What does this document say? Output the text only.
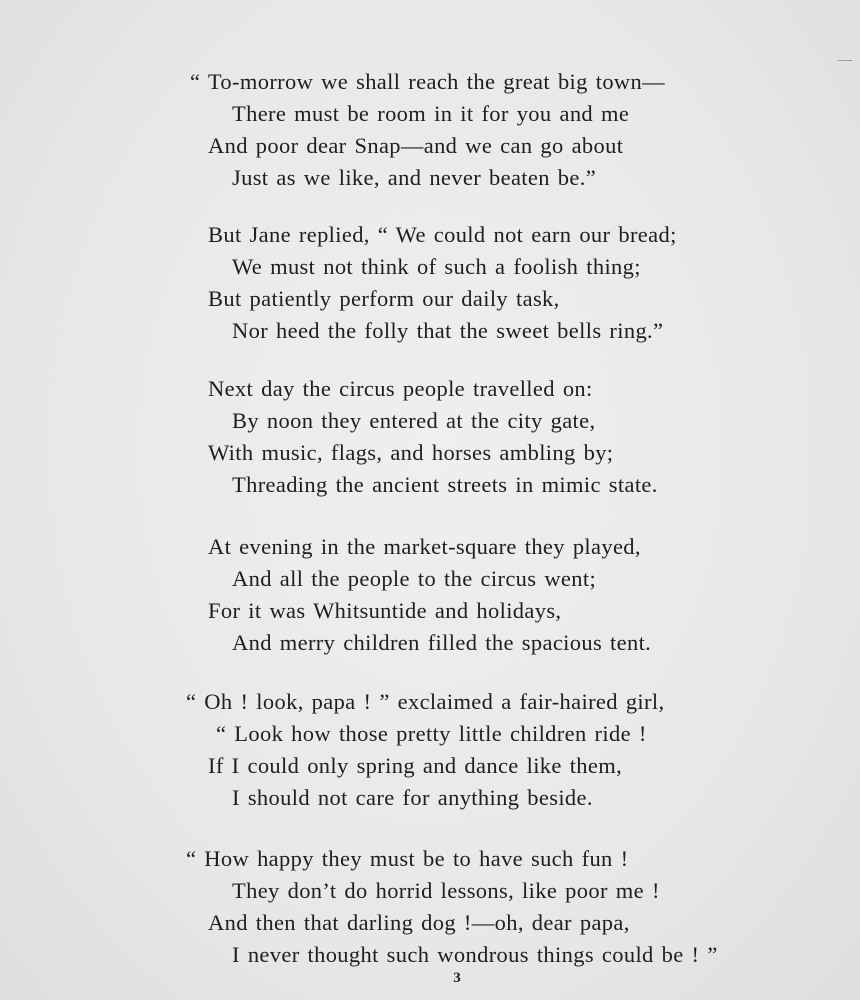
“ To-morrow we shall reach the great big town—
There must be room in it for you and me
And poor dear Snap—and we can go about
Just as we like, and never beaten be.”
But Jane replied, “ We could not earn our bread;
We must not think of such a foolish thing;
But patiently perform our daily task,
Nor heed the folly that the sweet bells ring.”
Next day the circus people travelled on:
By noon they entered at the city gate,
With music, flags, and horses ambling by;
Threading the ancient streets in mimic state.
At evening in the market-square they played,
And all the people to the circus went;
For it was Whitsuntide and holidays,
And merry children filled the spacious tent.
“ Oh ! look, papa ! ” exclaimed a fair-haired girl,
“ Look how those pretty little children ride !
If I could only spring and dance like them,
I should not care for anything beside.
“ How happy they must be to have such fun !
They don’t do horrid lessons, like poor me !
And then that darling dog !—oh, dear papa,
I never thought such wondrous things could be ! ”
3
